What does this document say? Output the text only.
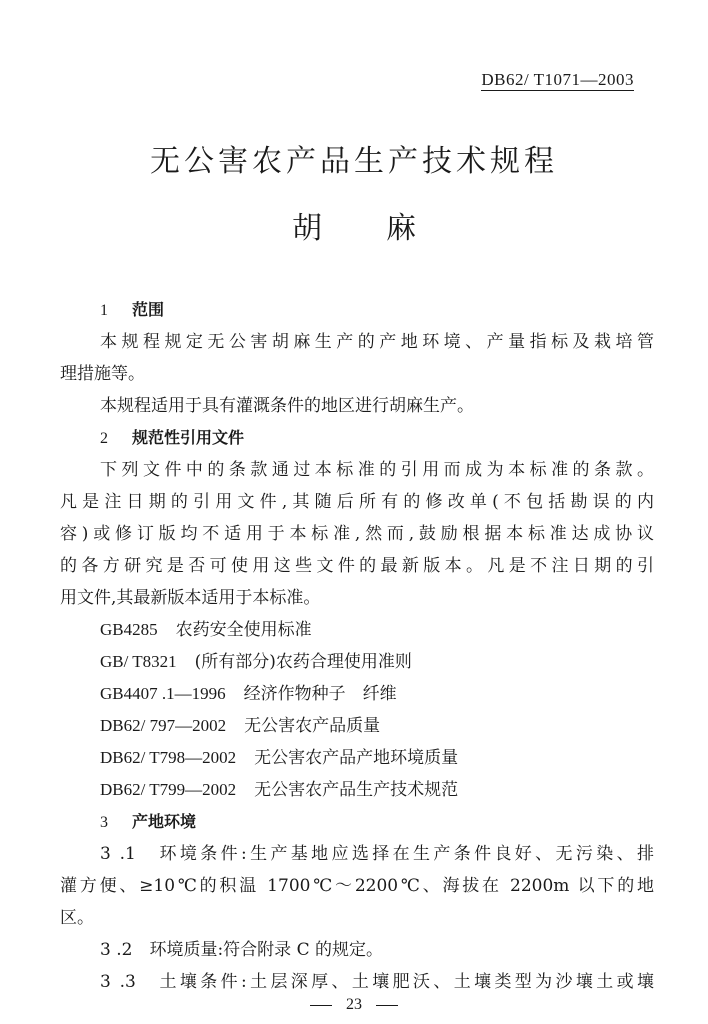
DB62/ T1071—2003
无公害农产品生产技术规程
胡 麻
1 范围
本规程规定无公害胡麻生产的产地环境、产量指标及栽培管
理措施等。
本规程适用于具有灌溉条件的地区进行胡麻生产。
2 规范性引用文件
下列文件中的条款通过本标准的引用而成为本标准的条款。
凡是注日期的引用文件,其随后所有的修改单(不包括勘误的内
容)或修订版均不适用于本标准,然而,鼓励根据本标准达成协议
的各方研究是否可使用这些文件的最新版本。凡是不注日期的引
用文件,其最新版本适用于本标准。
GB4285 农药安全使用标准
GB/ T8321 (所有部分)农药合理使用准则
GB4407 .1—1996 经济作物种子　纤维
DB62/ 797—2002 无公害农产品质量
DB62/ T798—2002 无公害农产品产地环境质量
DB62/ T799—2002 无公害农产品生产技术规范
3 产地环境
3 .1　环境条件:生产基地应选择在生产条件良好、无污染、排
灌方便、≥10℃的积温 1700℃～2200℃、海拔在 2200m 以下的地
区。
3 .2　环境质量:符合附录 C 的规定。
3 .3　土壤条件:土层深厚、土壤肥沃、土壤类型为沙壤土或壤
23
